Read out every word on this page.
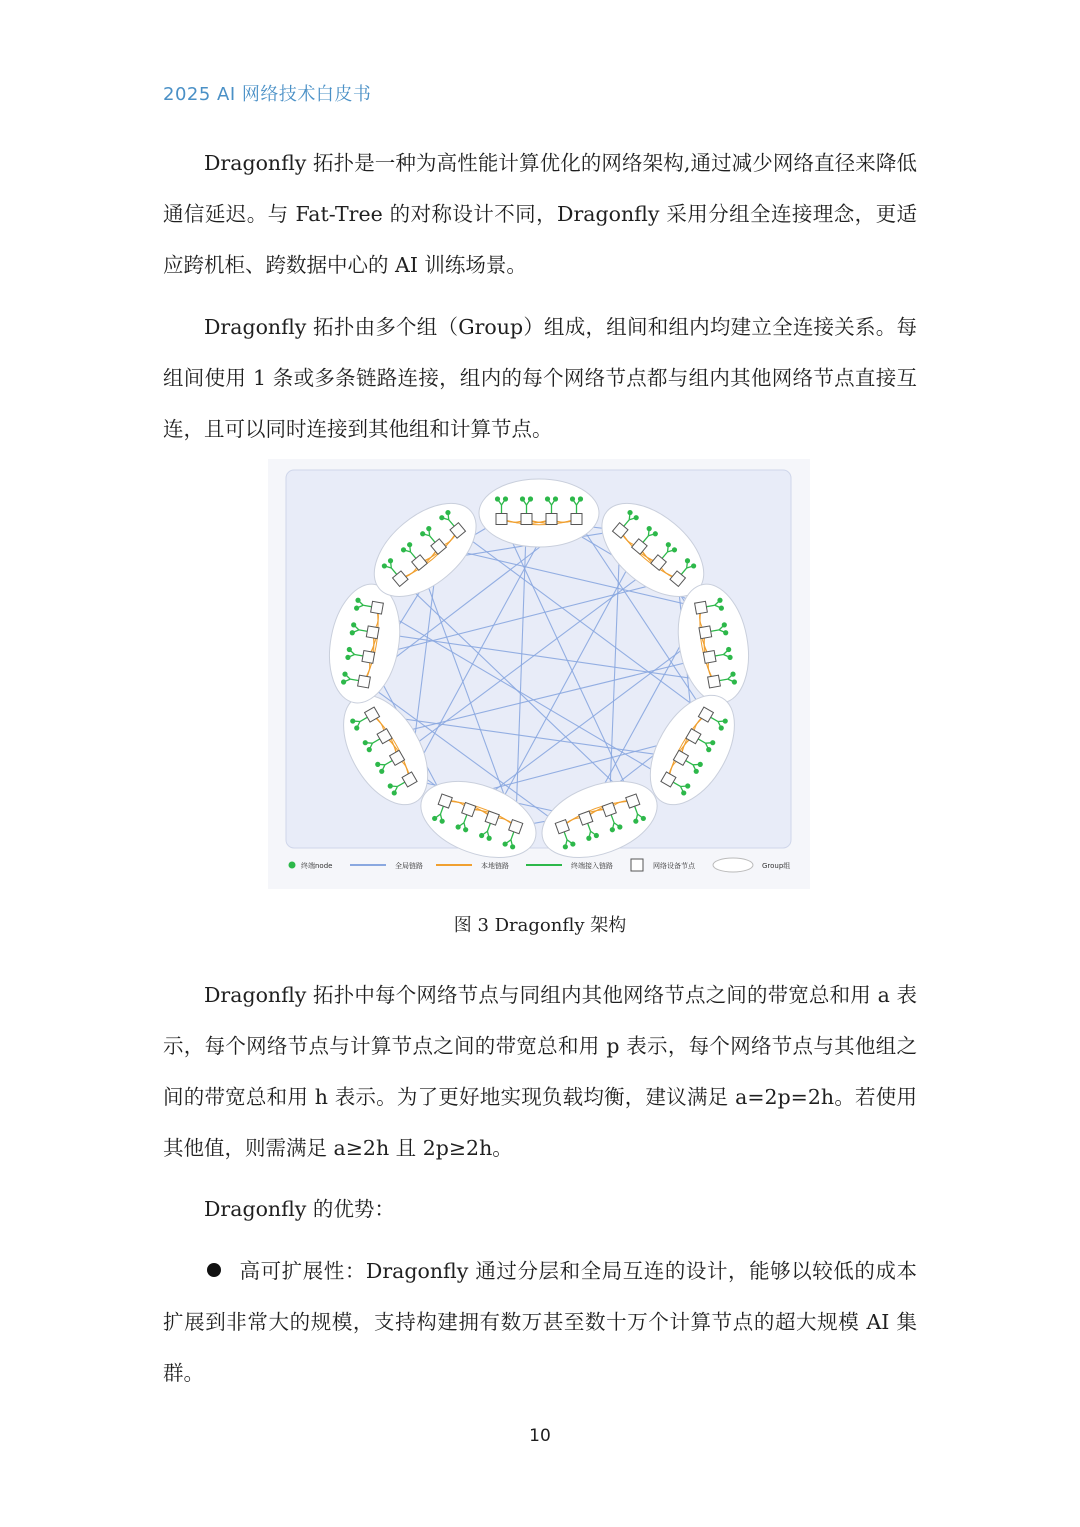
2025 AI 网络技术白皮书

Dragonfly 拓扑是一种为高性能计算优化的网络架构,通过减少网络直径来降低通信延迟。与 Fat-Tree 的对称设计不同，Dragonfly 采用分组全连接理念，更适应跨机柜、跨数据中心的 AI 训练场景。

Dragonfly 拓扑由多个组（Group）组成，组间和组内均建立全连接关系。每组间使用 1 条或多条链路连接，组内的每个网络节点都与组内其他网络节点直接互连，且可以同时连接到其他组和计算节点。

终端node	全局链路	本地链路	终端接入链路	网络设备节点	Group组
图 3 Dragonfly 架构

Dragonfly 拓扑中每个网络节点与同组内其他网络节点之间的带宽总和用 a 表示，每个网络节点与计算节点之间的带宽总和用 p 表示，每个网络节点与其他组之间的带宽总和用 h 表示。为了更好地实现负载均衡，建议满足 a=2p=2h。若使用其他值，则需满足 a≥2h 且 2p≥2h。

Dragonfly 的优势：

高可扩展性：Dragonfly 通过分层和全局互连的设计，能够以较低的成本扩展到非常大的规模，支持构建拥有数万甚至数十万个计算节点的超大规模 AI 集群。

10
